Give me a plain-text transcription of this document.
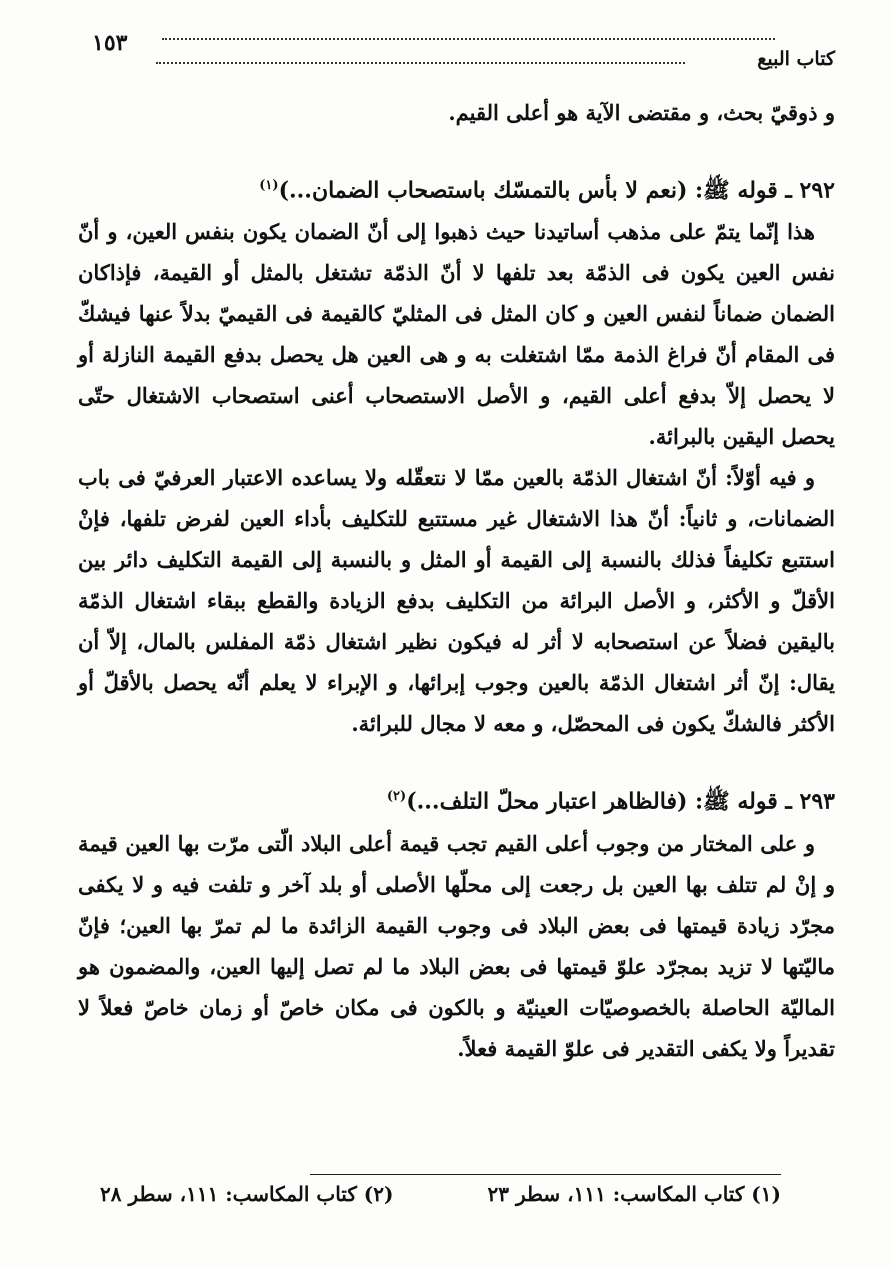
١٥٣
كتاب البيع

و ذوقيّ بحث، و مقتضى الآية هو أعلى القيم.

٢٩٢ ـ قوله ﷺ: (نعم لا بأس بالتمسّك باستصحاب الضمان...)$^{(١)}$

هذا إنّما يتمّ على مذهب أساتيدنا حيث ذهبوا إلى أنّ الضمان يكون بنفس العين، و أنّ نفس العين يكون فى الذمّة بعد تلفها لا أنّ الذمّة تشتغل بالمثل أو القيمة، فإذاكان الضمان ضماناً لنفس العين و كان المثل فى المثليّ كالقيمة فى القيميّ بدلاً عنها فيشكّ فى المقام أنّ فراغ الذمة ممّا اشتغلت به و هى العين هل يحصل بدفع القيمة النازلة أو لا يحصل إلاّ بدفع أعلى القيم، و الأصل الاستصحاب أعنى استصحاب الاشتغال حتّى يحصل اليقين بالبرائة.

و فيه أوّلاً: أنّ اشتغال الذمّة بالعين ممّا لا نتعقّله ولا يساعده الاعتبار العرفيّ فى باب الضمانات، و ثانياً: أنّ هذا الاشتغال غير مستتبع للتكليف بأداء العين لفرض تلفها، فإنْ استتبع تكليفاً فذلك بالنسبة إلى القيمة أو المثل و بالنسبة إلى القيمة التكليف دائر بين الأقلّ و الأكثر، و الأصل البرائة من التكليف بدفع الزيادة والقطع ببقاء اشتغال الذمّة باليقين فضلاً عن استصحابه لا أثر له فيكون نظير اشتغال ذمّة المفلس بالمال، إلاّ أن يقال: إنّ أثر اشتغال الذمّة بالعين وجوب إبرائها، و الإبراء لا يعلم أنّه يحصل بالأقلّ أو الأكثر فالشكّ يكون فى المحصّل، و معه لا مجال للبرائة.

٢٩٣ ـ قوله ﷺ: (فالظاهر اعتبار محلّ التلف...)$^{(٢)}$

و على المختار من وجوب أعلى القيم تجب قيمة أعلى البلاد الّتى مرّت بها العين قيمة و إنْ لم تتلف بها العين بل رجعت إلى محلّها الأصلى أو بلد آخر و تلفت فيه و لا يكفى مجرّد زيادة قيمتها فى بعض البلاد فى وجوب القيمة الزائدة ما لم تمرّ بها العين؛ فإنّ ماليّتها لا تزيد بمجرّد علوّ قيمتها فى بعض البلاد ما لم تصل إليها العين، والمضمون هو الماليّة الحاصلة بالخصوصيّات العينيّة و بالكون فى مكان خاصّ أو زمان خاصّ فعلاً لا تقديراً ولا يكفى التقدير فى علوّ القيمة فعلاً.

(١) كتاب المكاسب: ١١١، سطر ٢٣
(٢) كتاب المكاسب: ١١١، سطر ٢٨
